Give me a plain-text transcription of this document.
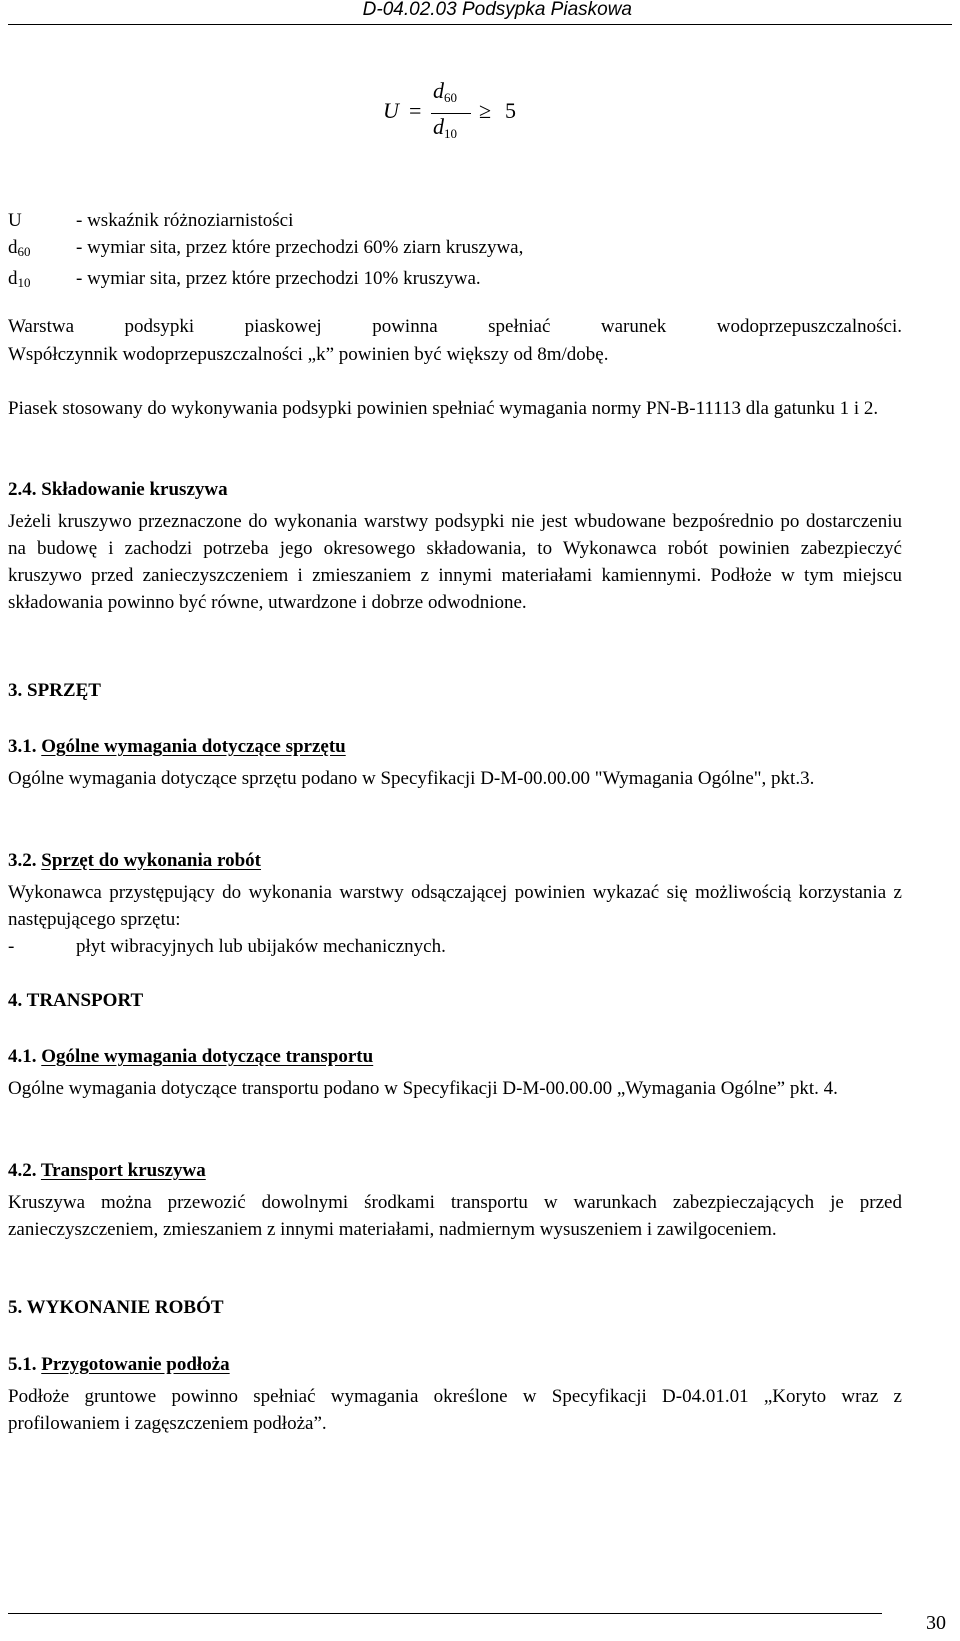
D-04.02.03 Podsypka Piaskowa
U =
$d_{60}$
$d_{10}$
≥ 5
U	- wskaźnik różnoziarnistości
$d_{60}$	- wymiar sita, przez które przechodzi 60% ziarn kruszywa,
$d_{10}$	- wymiar sita, przez które przechodzi 10% kruszywa.
Warstwa podsypki piaskowej powinna spełniać warunek wodoprzepuszczalności.
Współczynnik wodoprzepuszczalności „k” powinien być większy od 8m/dobę.
Piasek stosowany do wykonywania podsypki powinien spełniać wymagania normy PN-B-11113 dla gatunku 1 i 2.
2.4. Składowanie kruszywa
Jeżeli kruszywo przeznaczone do wykonania warstwy podsypki nie jest wbudowane bezpośrednio po dostarczeniu na budowę i zachodzi potrzeba jego okresowego składowania, to Wykonawca robót powinien zabezpieczyć kruszywo przed zanieczyszczeniem i zmieszaniem z innymi materiałami kamiennymi. Podłoże w tym miejscu składowania powinno być równe, utwardzone i dobrze odwodnione.
3. SPRZĘT
3.1. Ogólne wymagania dotyczące sprzętu
Ogólne wymagania dotyczące sprzętu podano w Specyfikacji D-M-00.00.00 "Wymagania Ogólne", pkt.3.
3.2. Sprzęt do wykonania robót
Wykonawca przystępujący do wykonania warstwy odsączającej powinien wykazać się możliwością korzystania z następującego sprzętu:
-	płyt wibracyjnych lub ubijaków mechanicznych.
4. TRANSPORT
4.1. Ogólne wymagania dotyczące transportu
Ogólne wymagania dotyczące transportu podano w Specyfikacji D-M-00.00.00 „Wymagania Ogólne” pkt. 4.
4.2. Transport kruszywa
Kruszywa można przewozić dowolnymi środkami transportu w warunkach zabezpieczających je przed zanieczyszczeniem, zmieszaniem z innymi materiałami, nadmiernym wysuszeniem i zawilgoceniem.
5. WYKONANIE ROBÓT
5.1. Przygotowanie podłoża
Podłoże gruntowe powinno spełniać wymagania określone w Specyfikacji D-04.01.01 „Koryto wraz z profilowaniem i zagęszczeniem podłoża”.
30
